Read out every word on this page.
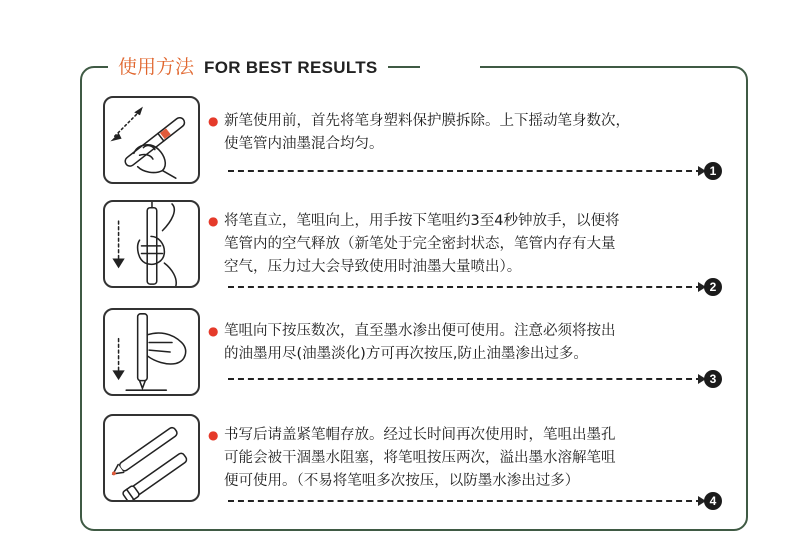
使用方法 FOR BEST RESULTS
● 新笔使用前，首先将笔身塑料保护膜拆除。上下摇动笔身数次，
使笔管内油墨混合均匀。
1
● 将笔直立，笔咀向上，用手按下笔咀约3至4秒钟放手，以便将
笔管内的空气释放（新笔处于完全密封状态，笔管内存有大量
空气，压力过大会导致使用时油墨大量喷出）。
2
● 笔咀向下按压数次，直至墨水渗出便可使用。注意必须将按出
的油墨用尽(油墨淡化)方可再次按压,防止油墨渗出过多。
3
● 书写后请盖紧笔帽存放。经过长时间再次使用时，笔咀出墨孔
可能会被干涸墨水阻塞，将笔咀按压两次，溢出墨水溶解笔咀
便可使用。（不易将笔咀多次按压，以防墨水渗出过多）
4
